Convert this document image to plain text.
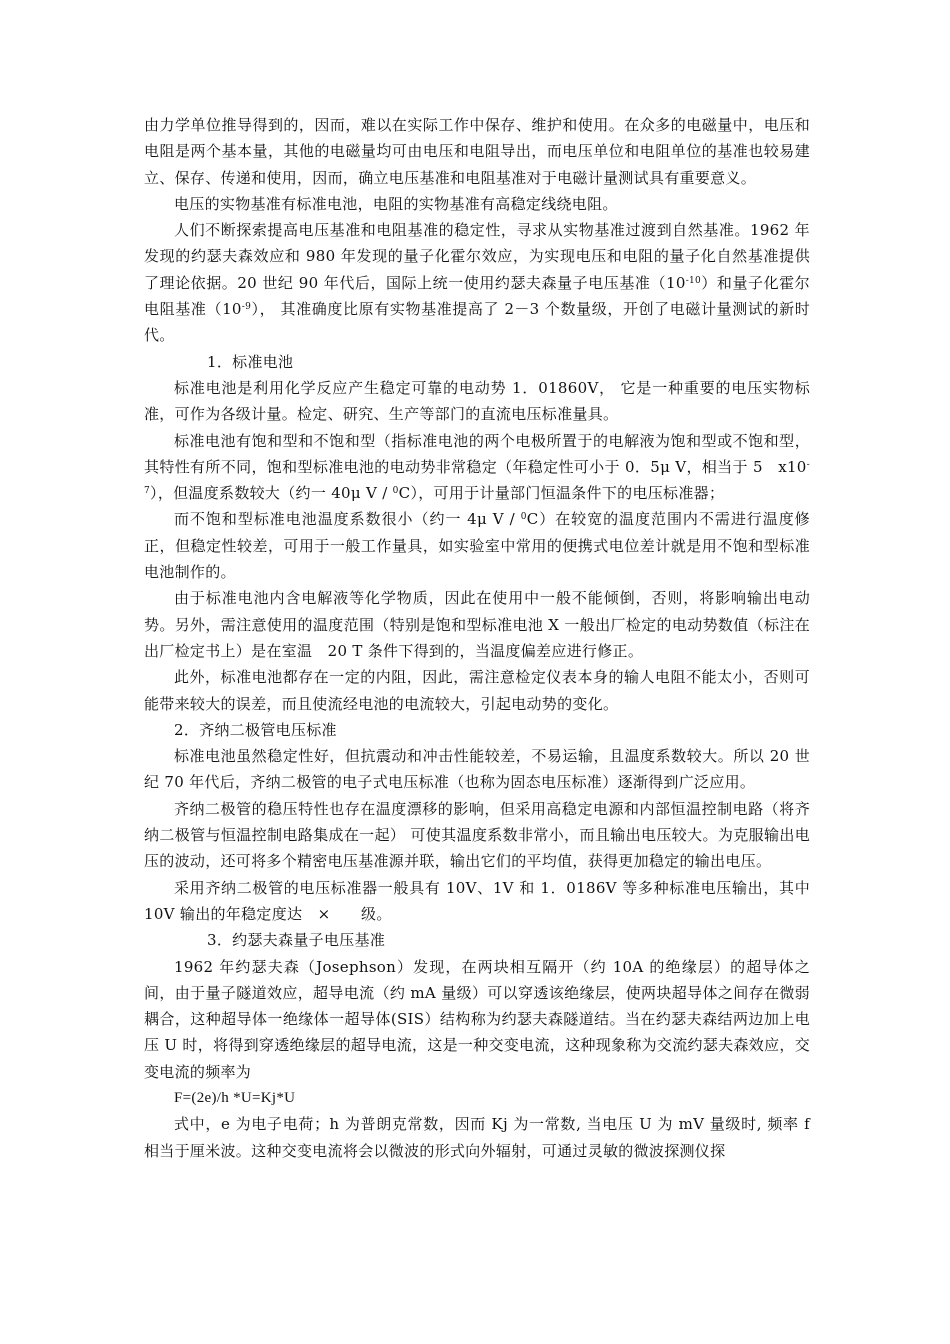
由力学单位推导得到的，因而，难以在实际工作中保存、维护和使用。在众多的电磁量中，电压和电阻是两个基本量，其他的电磁量均可由电压和电阻导出，而电压单位和电阻单位的基准也较易建立、保存、传递和使用，因而，确立电压基准和电阻基准对于电磁计量测试具有重要意义。

电压的实物基准有标准电池，电阻的实物基准有高稳定线绕电阻。

人们不断探索提高电压基准和电阻基准的稳定性，寻求从实物基准过渡到自然基准。1962 年发现的约瑟夫森效应和 980 年发现的量子化霍尔效应，为实现电压和电阻的量子化自然基准提供了理论依据。20 世纪 90 年代后，国际上统一使用约瑟夫森量子电压基准$(10^{-10})$和量子化霍尔电阻基准$(10^{-9})$， 其准确度比原有实物基准提高了 2－3 个数量级，开创了电磁计量测试的新时代。

1．标准电池

标准电池是利用化学反应产生稳定可靠的电动势 1．01860V， 它是一种重要的电压实物标准，可作为各级计量。检定、研究、生产等部门的直流电压标准量具。

标准电池有饱和型和不饱和型（指标准电池的两个电极所置于的电解液为饱和型或不饱和型，其特性有所不同，饱和型标准电池的电动势非常稳定（年稳定性可小于 0．5μ V，相当于 5　$x10^{-7}$），但温度系数较大（约一 40μ V / $^0$C），可用于计量部门恒温条件下的电压标准器；

而不饱和型标准电池温度系数很小（约一 4μ V / $^0$C）在较宽的温度范围内不需进行温度修正，但稳定性较差，可用于一般工作量具，如实验室中常用的便携式电位差计就是用不饱和型标准电池制作的。

由于标准电池内含电解液等化学物质，因此在使用中一般不能倾倒，否则，将影响输出电动势。另外，需注意使用的温度范围（特别是饱和型标准电池 X 一般出厂检定的电动势数值（标注在出厂检定书上）是在室温　20 T 条件下得到的，当温度偏差应进行修正。

此外，标准电池都存在一定的内阻，因此，需注意检定仪表本身的输人电阻不能太小，否则可能带来较大的误差，而且使流经电池的电流较大，引起电动势的变化。

2．齐纳二极管电压标准

标准电池虽然稳定性好，但抗震动和冲击性能较差，不易运输，且温度系数较大。所以 20 世纪 70 年代后，齐纳二极管的电子式电压标准（也称为固态电压标准）逐渐得到广泛应用。

齐纳二极管的稳压特性也存在温度漂移的影响，但采用高稳定电源和内部恒温控制电路（将齐纳二极管与恒温控制电路集成在一起） 可使其温度系数非常小，而且输出电压较大。为克服输出电压的波动，还可将多个精密电压基准源并联，输出它们的平均值，获得更加稳定的输出电压。

采用齐纳二极管的电压标准器一般具有 10V、1V 和 1．0186V 等多种标准电压输出，其中 10V 输出的年稳定度达　×　　级。

3．约瑟夫森量子电压基准

1962 年约瑟夫森（Josephson）发现，在两块相互隔开（约 10A 的绝缘层）的超导体之间，由于量子隧道效应，超导电流（约 mA 量级）可以穿透该绝缘层，使两块超导体之间存在微弱耦合，这种超导体一绝缘体一超导体(SIS）结构称为约瑟夫森隧道结。当在约瑟夫森结两边加上电压 U 时，将得到穿透绝缘层的超导电流，这是一种交变电流，这种现象称为交流约瑟夫森效应，交变电流的频率为

F=(2e)/h *U=Kj*U

式中，e 为电子电荷；h 为普朗克常数，因而 Kj 为一常数, 当电压 U 为 mV 量级时, 频率 f 相当于厘米波。这种交变电流将会以微波的形式向外辐射，可通过灵敏的微波探测仪探
